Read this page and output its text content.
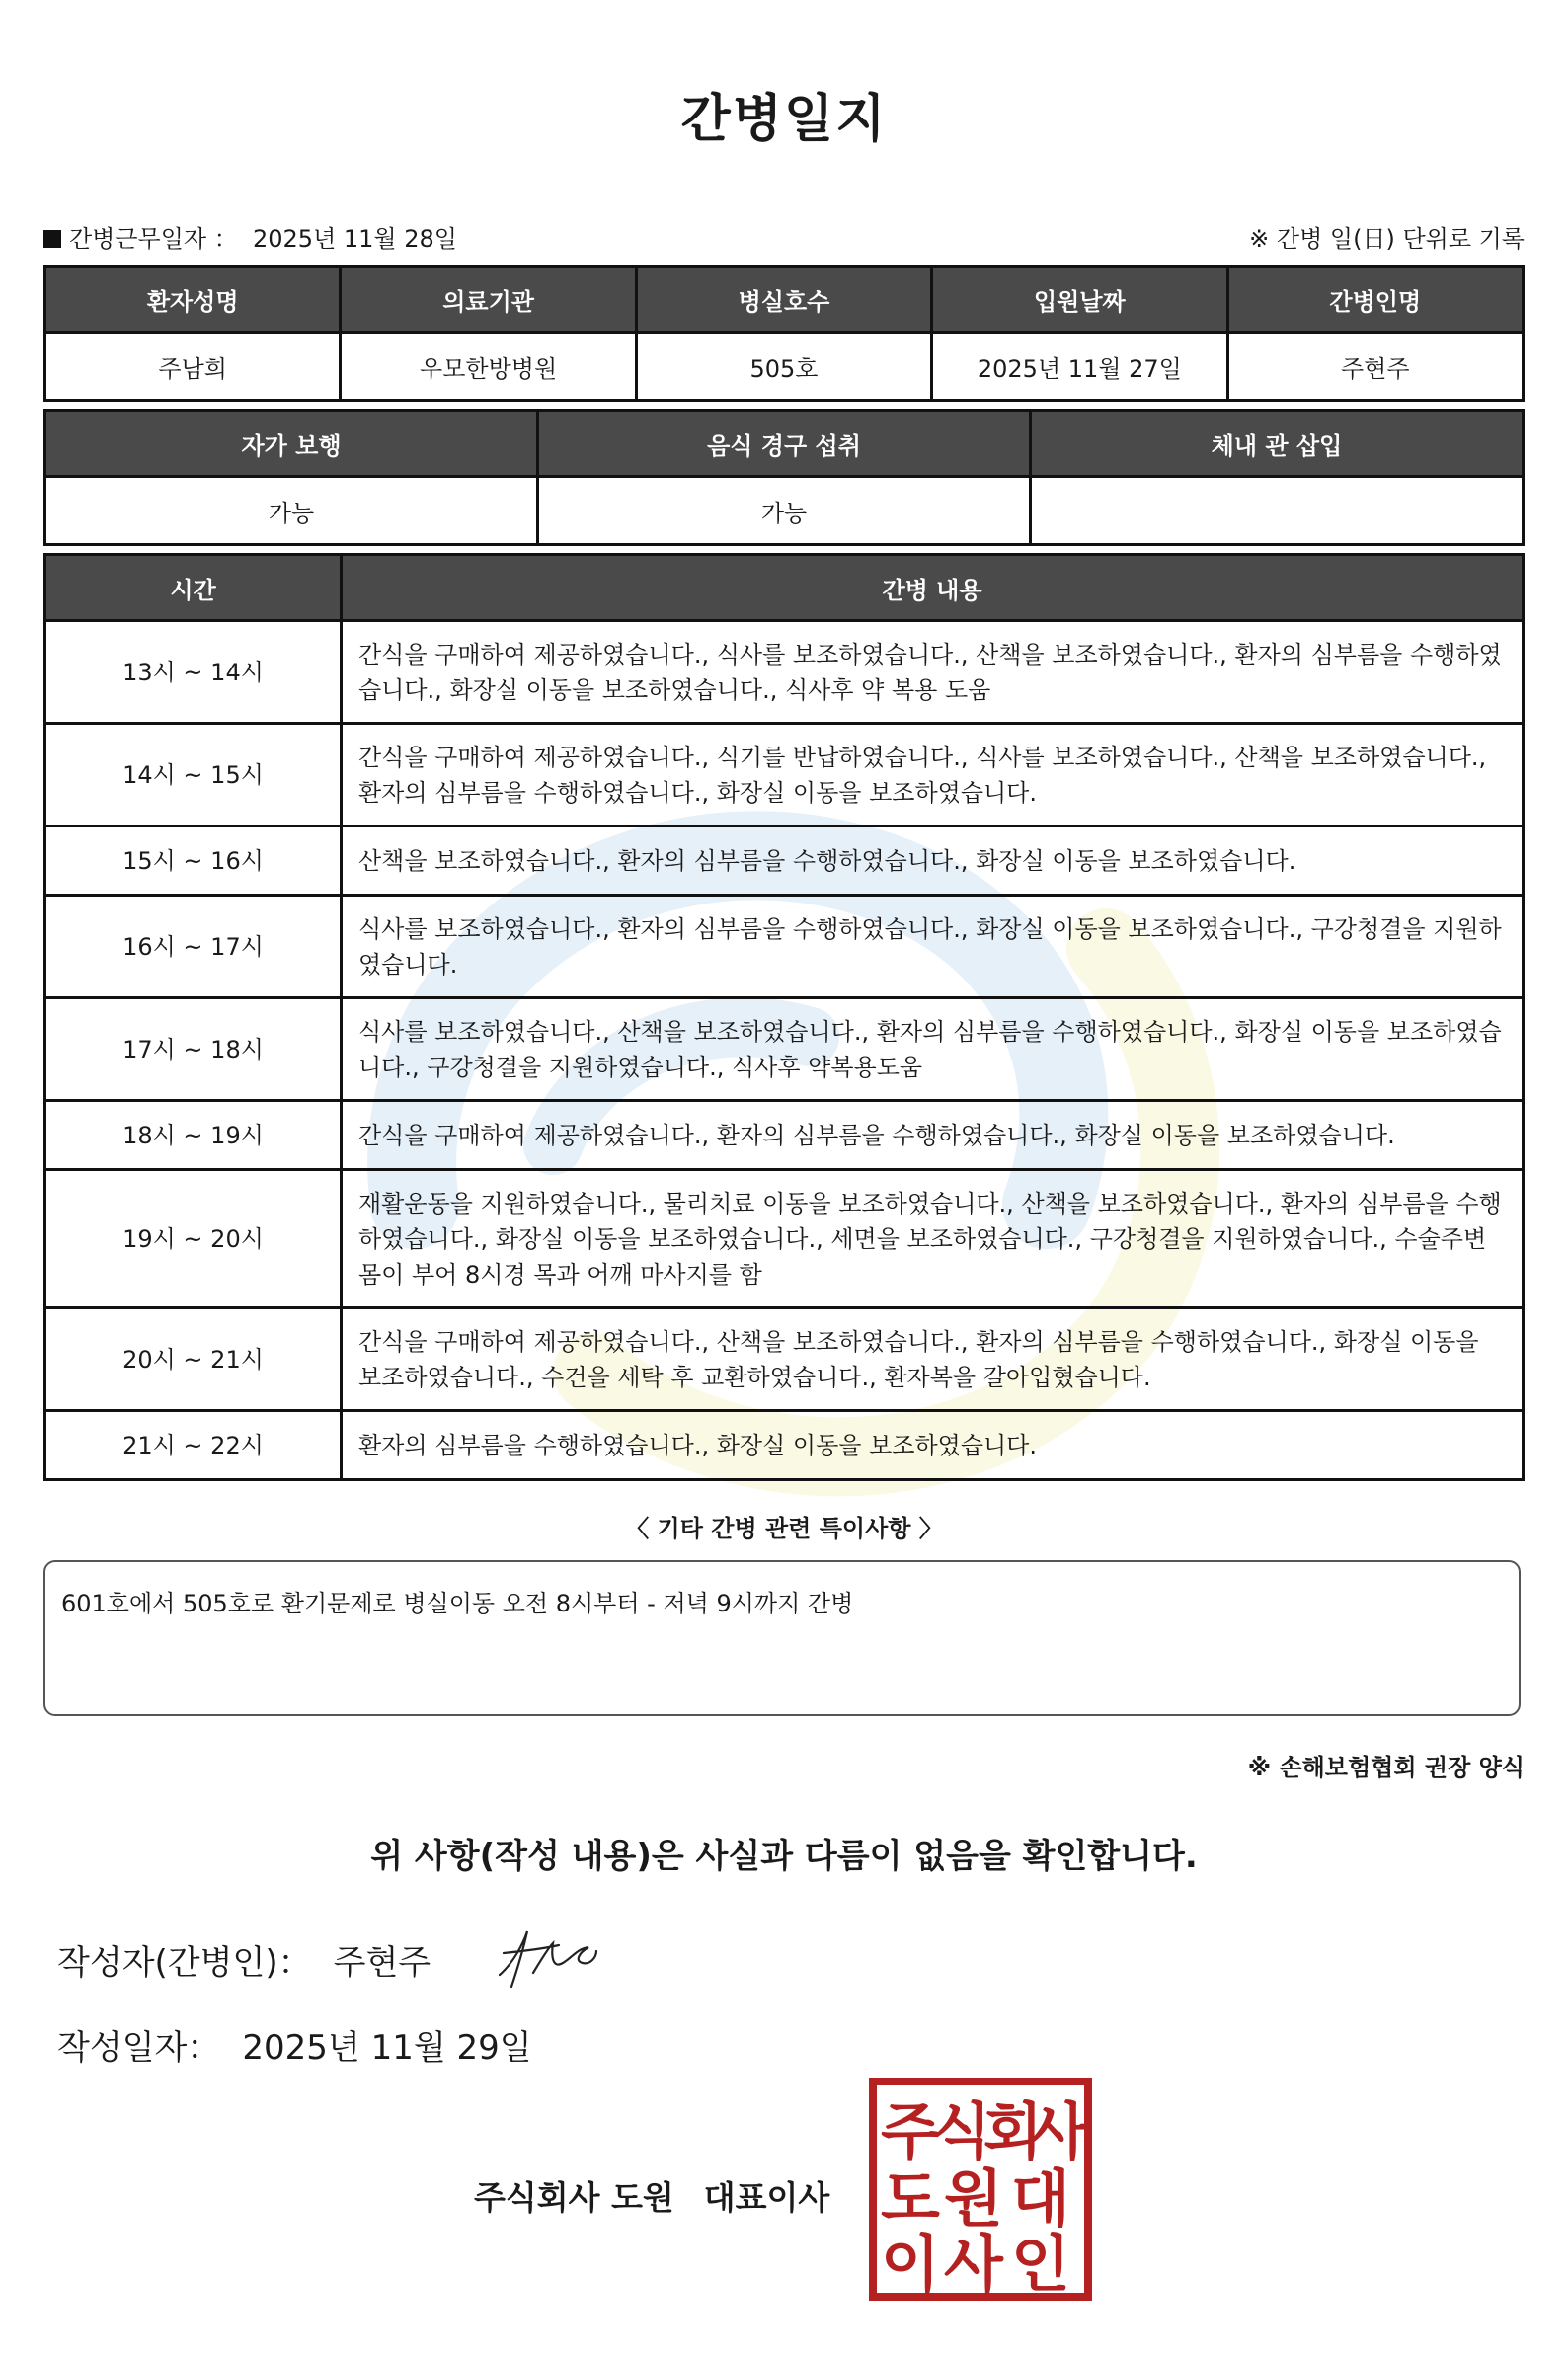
간병일지
간병근무일자 ： 2025년 11월 28일	※ 간병 일(日) 단위로 기록
환자성명	의료기관	병실호수	입원날짜	간병인명
주남희	우모한방병원	505호	2025년 11월 27일	주현주
자가 보행	음식 경구 섭취	체내 관 삽입
가능	가능	
시간	간병 내용
13시 ~ 14시	간식을 구매하여 제공하였습니다., 식사를 보조하였습니다., 산책을 보조하였습니다., 환자의 심부름을 수행하였습니다., 화장실 이동을 보조하였습니다., 식사후 약 복용 도움
14시 ~ 15시	간식을 구매하여 제공하였습니다., 식기를 반납하였습니다., 식사를 보조하였습니다., 산책을 보조하였습니다., 환자의 심부름을 수행하였습니다., 화장실 이동을 보조하였습니다.
15시 ~ 16시	산책을 보조하였습니다., 환자의 심부름을 수행하였습니다., 화장실 이동을 보조하였습니다.
16시 ~ 17시	식사를 보조하였습니다., 환자의 심부름을 수행하였습니다., 화장실 이동을 보조하였습니다., 구강청결을 지원하였습니다.
17시 ~ 18시	식사를 보조하였습니다., 산책을 보조하였습니다., 환자의 심부름을 수행하였습니다., 화장실 이동을 보조하였습니다., 구강청결을 지원하였습니다., 식사후 약복용도움
18시 ~ 19시	간식을 구매하여 제공하였습니다., 환자의 심부름을 수행하였습니다., 화장실 이동을 보조하였습니다.
19시 ~ 20시	재활운동을 지원하였습니다., 물리치료 이동을 보조하였습니다., 산책을 보조하였습니다., 환자의 심부름을 수행하였습니다., 화장실 이동을 보조하였습니다., 세면을 보조하였습니다., 구강청결을 지원하였습니다., 수술주변 몸이 부어 8시경 목과 어깨 마사지를 함
20시 ~ 21시	간식을 구매하여 제공하였습니다., 산책을 보조하였습니다., 환자의 심부름을 수행하였습니다., 화장실 이동을 보조하였습니다., 수건을 세탁 후 교환하였습니다., 환자복을 갈아입혔습니다.
21시 ~ 22시	환자의 심부름을 수행하였습니다., 화장실 이동을 보조하였습니다.
〈 기타 간병 관련 특이사항 〉
601호에서 505호로 환기문제로 병실이동 오전 8시부터 - 저녁 9시까지 간병
※ 손해보험협회 권장 양식
위 사항(작성 내용)은 사실과 다름이 없음을 확인합니다.
작성자(간병인)： 주현주
작성일자： 2025년 11월 29일
주식회사 도원 대표이사
주
식
회
사
도 원 대
이 사 인
